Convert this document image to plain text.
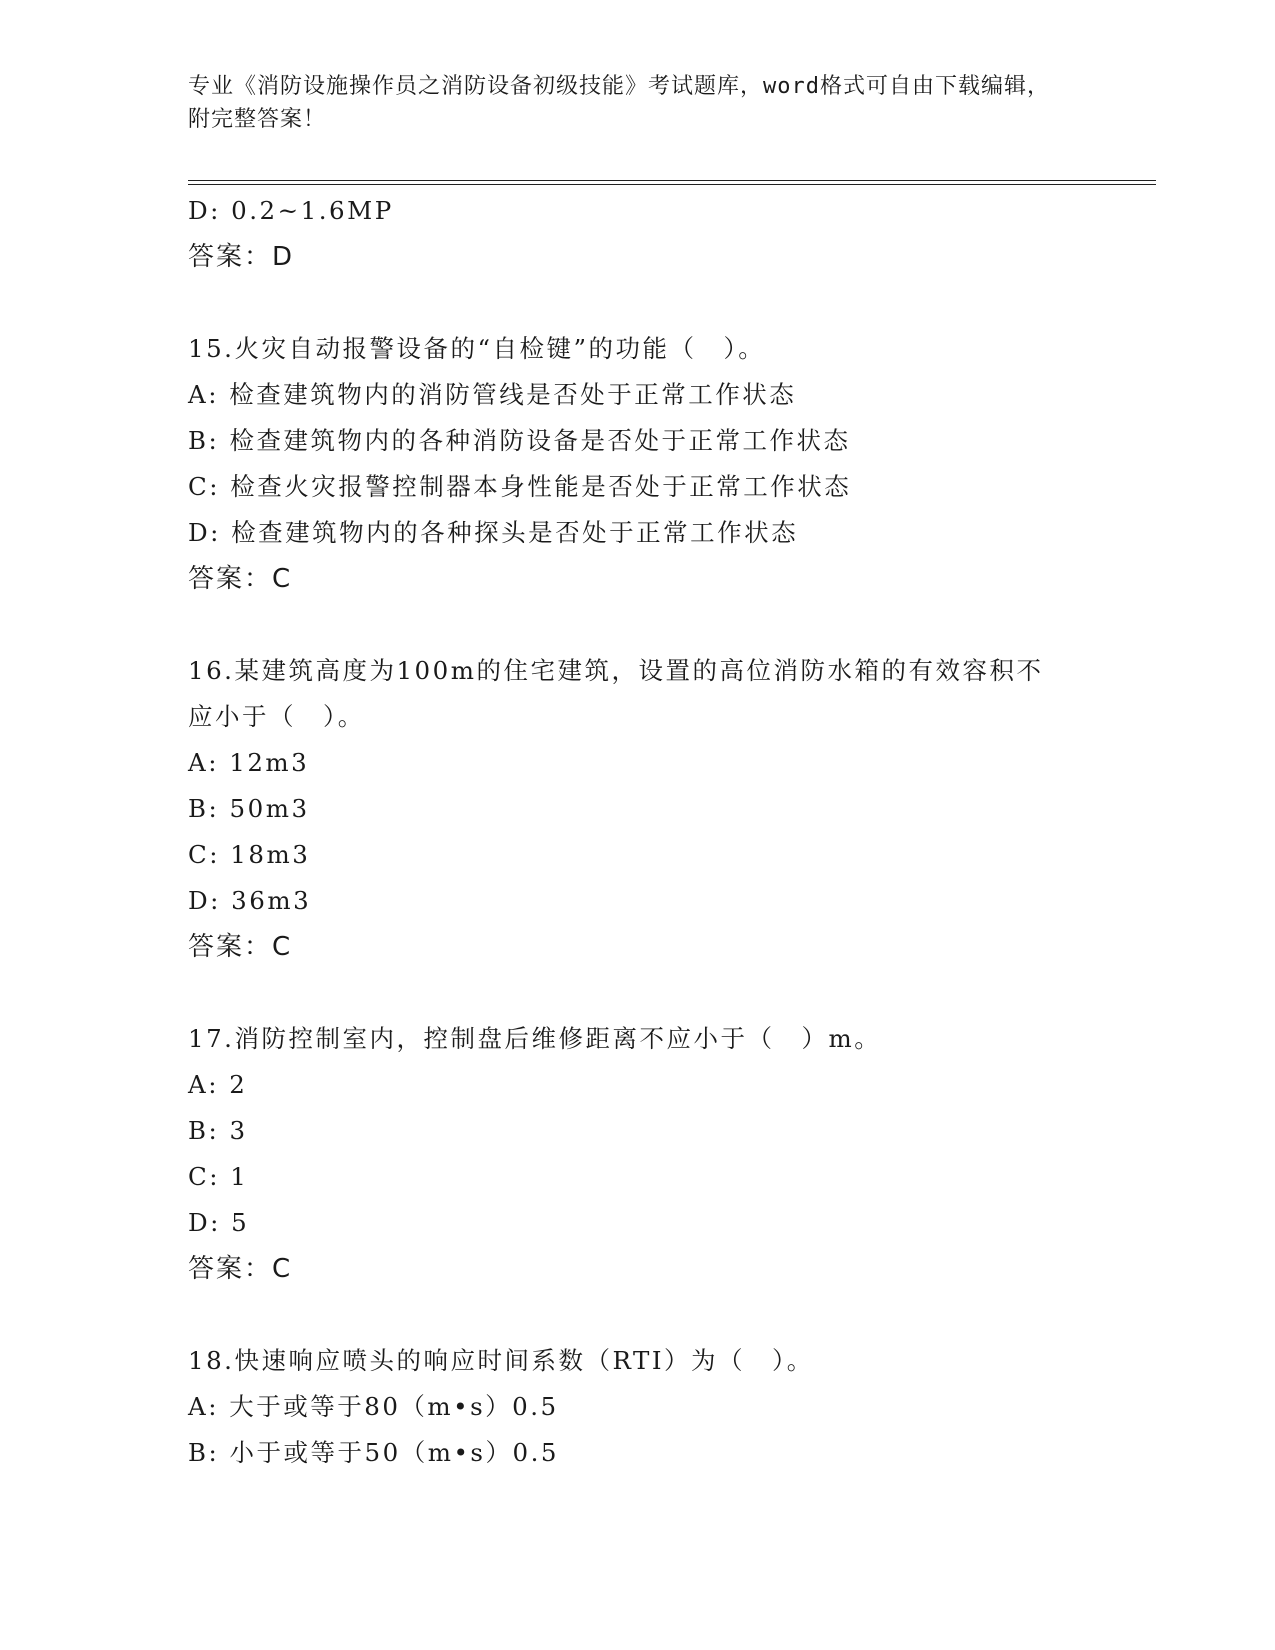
专业《消防设施操作员之消防设备初级技能》考试题库，word格式可自由下载编辑，附完整答案！
D: 0.2~1.6MP
答案：D
15.火灾自动报警设备的“自检键”的功能（　）。
A: 检查建筑物内的消防管线是否处于正常工作状态
B: 检查建筑物内的各种消防设备是否处于正常工作状态
C: 检查火灾报警控制器本身性能是否处于正常工作状态
D: 检查建筑物内的各种探头是否处于正常工作状态
答案：C
16.某建筑高度为100m的住宅建筑，设置的高位消防水箱的有效容积不应小于（　）。
A: 12m3
B: 50m3
C: 18m3
D: 36m3
答案：C
17.消防控制室内，控制盘后维修距离不应小于（　）m。
A: 2
B: 3
C: 1
D: 5
答案：C
18.快速响应喷头的响应时间系数（RTI）为（　）。
A: 大于或等于80（m•s）0.5
B: 小于或等于50（m•s）0.5
